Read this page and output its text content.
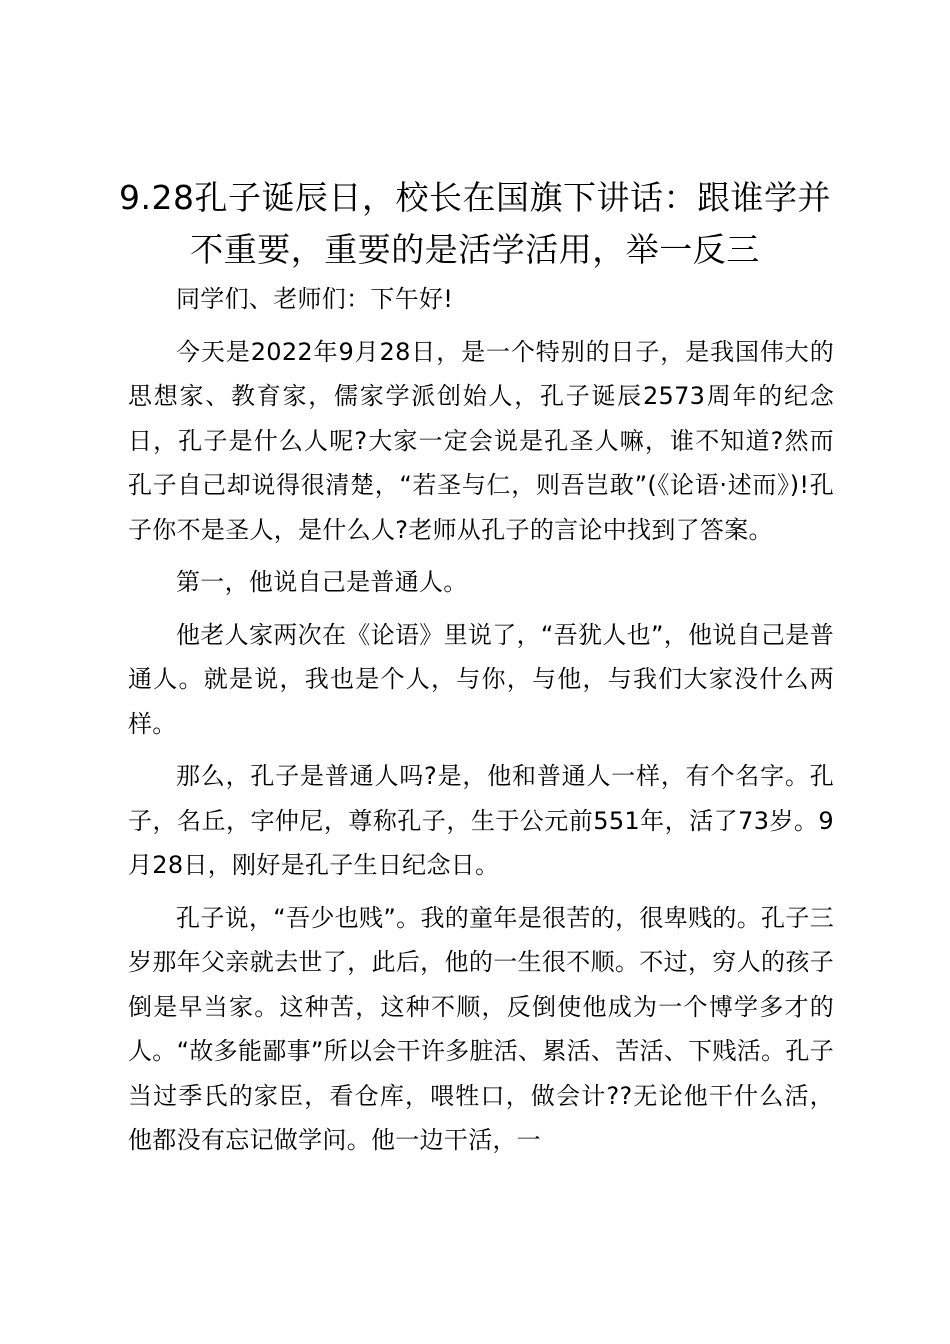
9.28孔子诞辰日，校长在国旗下讲话：跟谁学并不重要，重要的是活学活用，举一反三

同学们、老师们：下午好!

今天是2022年9月28日，是一个特别的日子，是我国伟大的思想家、教育家，儒家学派创始人，孔子诞辰2573周年的纪念日，孔子是什么人呢?大家一定会说是孔圣人嘛，谁不知道?然而孔子自己却说得很清楚，“若圣与仁，则吾岂敢”(《论语·述而》)!孔子你不是圣人，是什么人?老师从孔子的言论中找到了答案。

第一，他说自己是普通人。

他老人家两次在《论语》里说了，“吾犹人也”，他说自己是普通人。就是说，我也是个人，与你，与他，与我们大家没什么两样。

那么，孔子是普通人吗?是，他和普通人一样，有个名字。孔子，名丘，字仲尼，尊称孔子，生于公元前551年，活了73岁。9月28日，刚好是孔子生日纪念日。

孔子说，“吾少也贱”。我的童年是很苦的，很卑贱的。孔子三岁那年父亲就去世了，此后，他的一生很不顺。不过，穷人的孩子倒是早当家。这种苦，这种不顺，反倒使他成为一个博学多才的人。“故多能鄙事”所以会干许多脏活、累活、苦活、下贱活。孔子当过季氏的家臣，看仓库，喂牲口，做会计??无论他干什么活，他都没有忘记做学问。他一边干活，一
